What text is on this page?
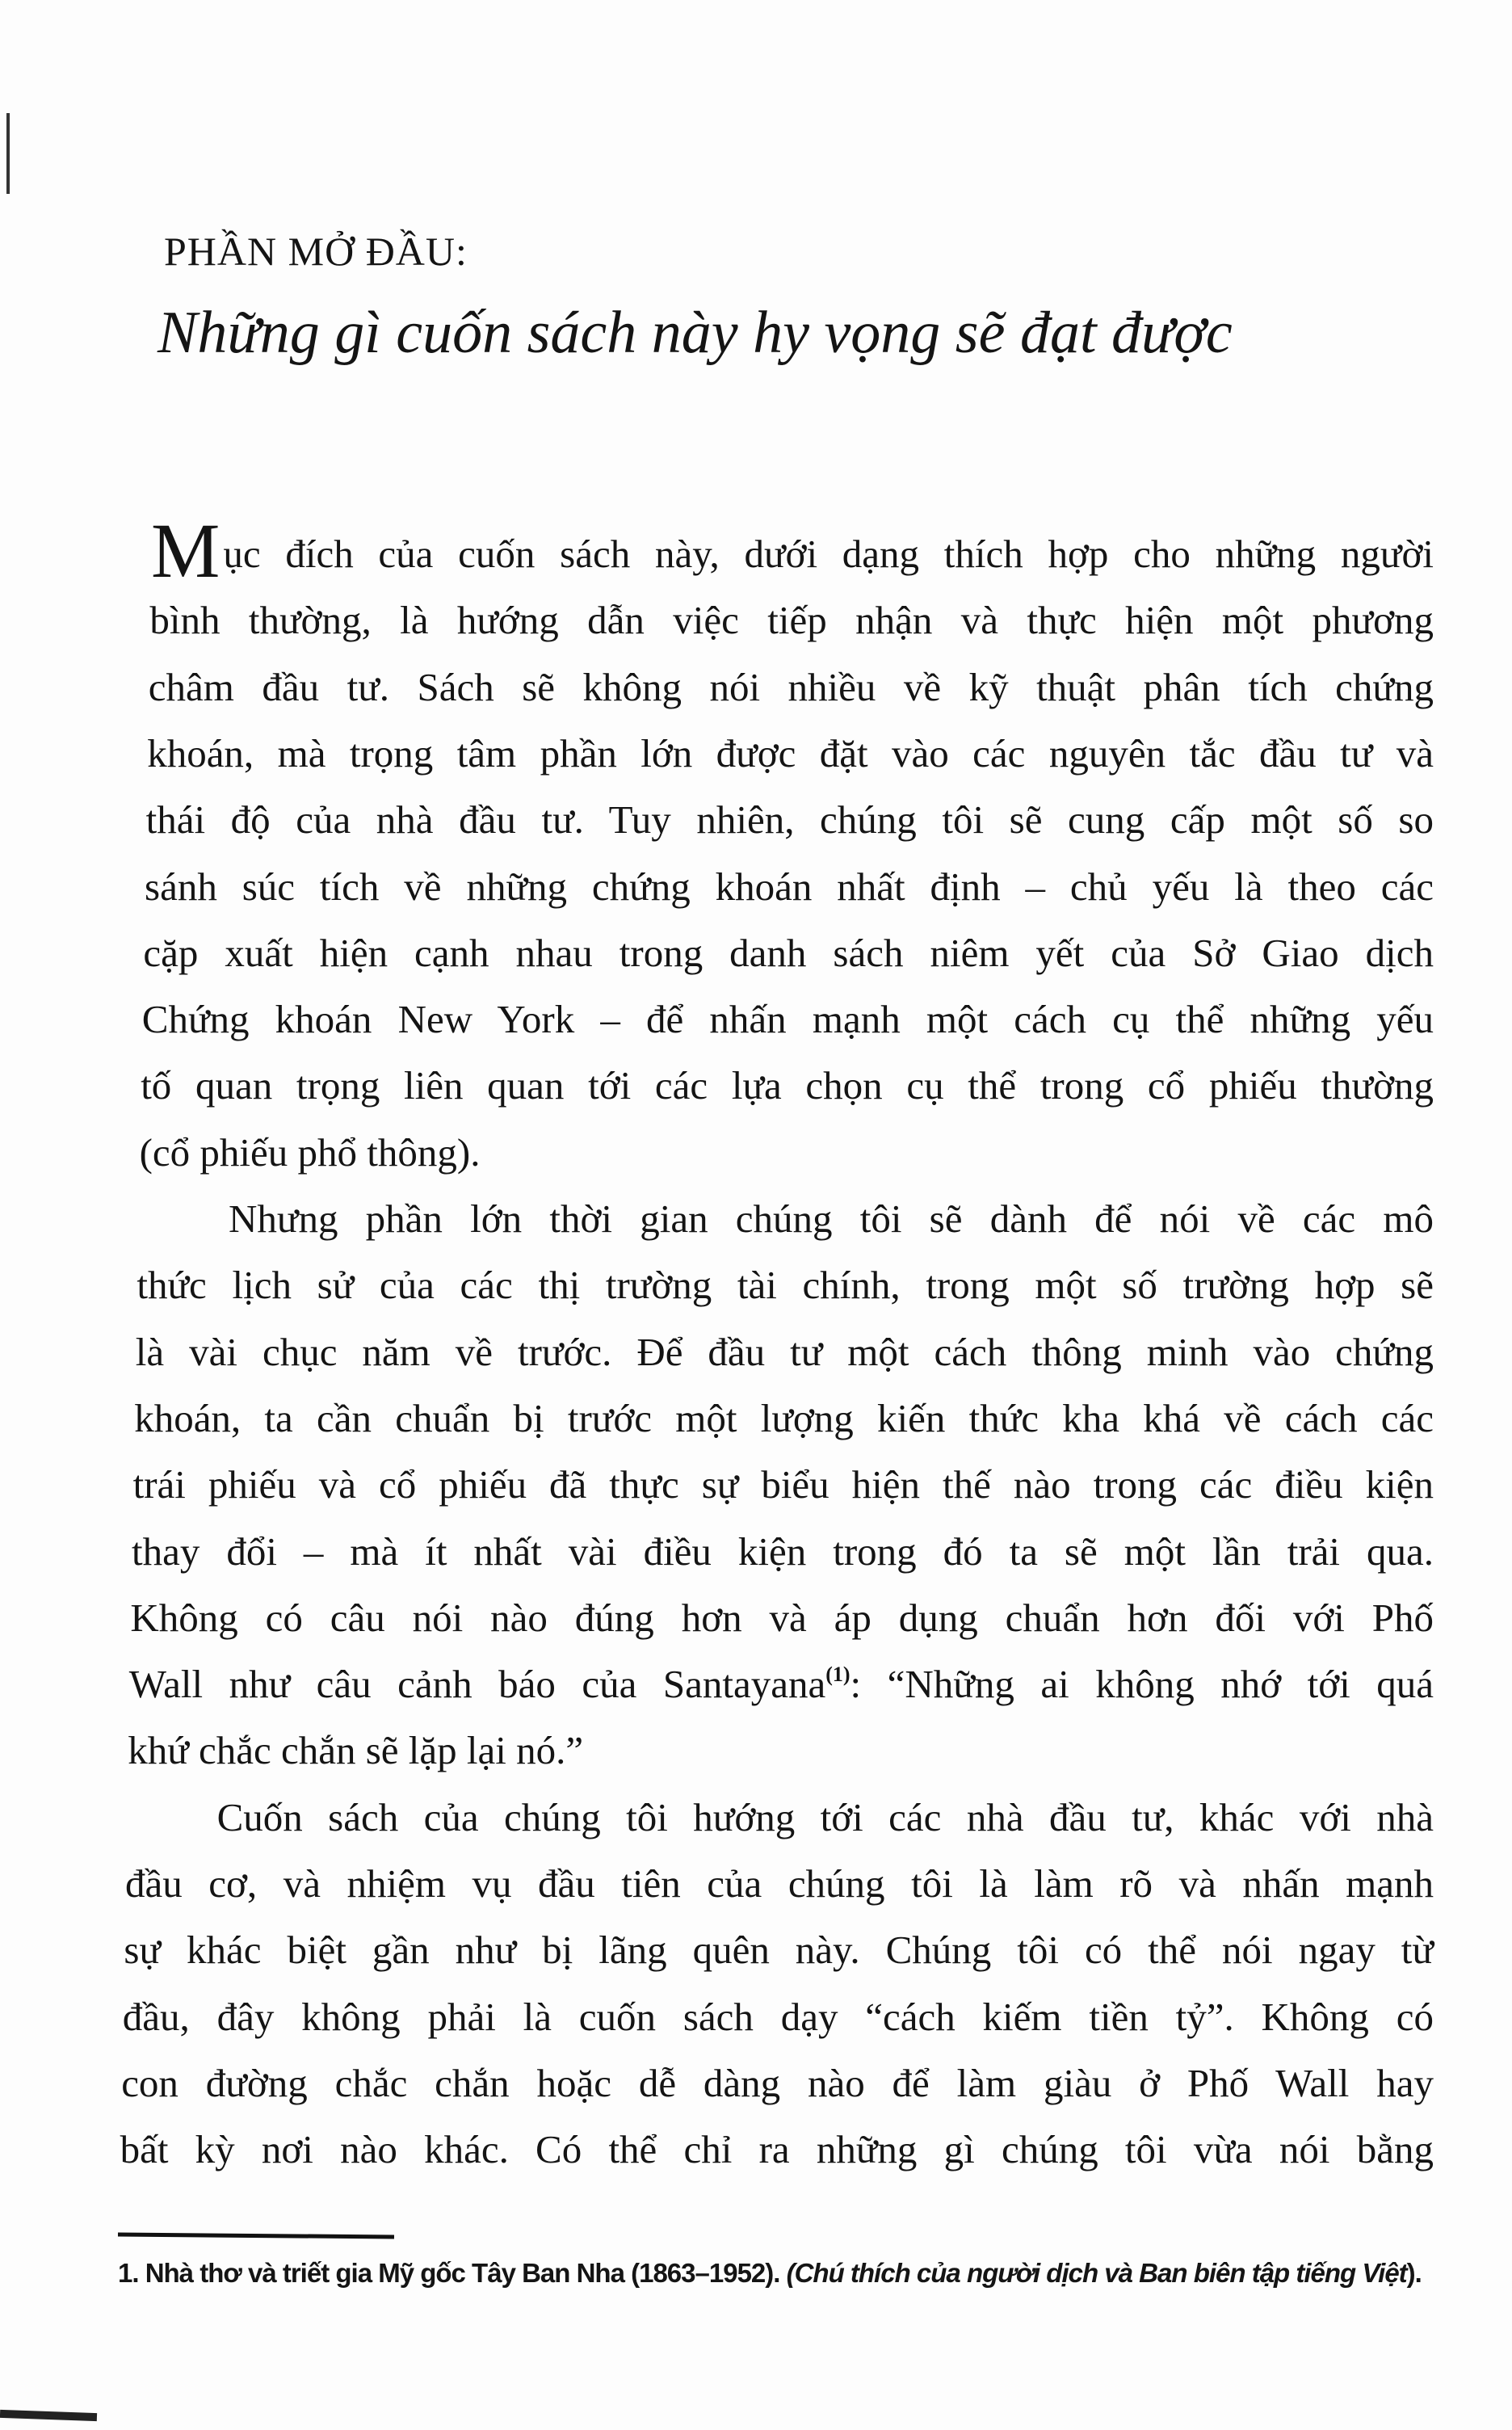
PHẦN MỞ ĐẦU:
Những gì cuốn sách này hy vọng sẽ đạt được
Mục đích của cuốn sách này, dưới dạng thích hợp cho những người
bình thường, là hướng dẫn việc tiếp nhận và thực hiện một phương
châm đầu tư. Sách sẽ không nói nhiều về kỹ thuật phân tích chứng
khoán, mà trọng tâm phần lớn được đặt vào các nguyên tắc đầu tư và
thái độ của nhà đầu tư. Tuy nhiên, chúng tôi sẽ cung cấp một số so
sánh súc tích về những chứng khoán nhất định – chủ yếu là theo các
cặp xuất hiện cạnh nhau trong danh sách niêm yết của Sở Giao dịch
Chứng khoán New York – để nhấn mạnh một cách cụ thể những yếu
tố quan trọng liên quan tới các lựa chọn cụ thể trong cổ phiếu thường
(cổ phiếu phổ thông).
Nhưng phần lớn thời gian chúng tôi sẽ dành để nói về các mô
thức lịch sử của các thị trường tài chính, trong một số trường hợp sẽ
là vài chục năm về trước. Để đầu tư một cách thông minh vào chứng
khoán, ta cần chuẩn bị trước một lượng kiến thức kha khá về cách các
trái phiếu và cổ phiếu đã thực sự biểu hiện thế nào trong các điều kiện
thay đổi – mà ít nhất vài điều kiện trong đó ta sẽ một lần trải qua.
Không có câu nói nào đúng hơn và áp dụng chuẩn hơn đối với Phố
Wall như câu cảnh báo của Santayana$^{(1)}$: “Những ai không nhớ tới quá
khứ chắc chắn sẽ lặp lại nó.”
Cuốn sách của chúng tôi hướng tới các nhà đầu tư, khác với nhà
đầu cơ, và nhiệm vụ đầu tiên của chúng tôi là làm rõ và nhấn mạnh
sự khác biệt gần như bị lãng quên này. Chúng tôi có thể nói ngay từ
đầu, đây không phải là cuốn sách dạy “cách kiếm tiền tỷ”. Không có
con đường chắc chắn hoặc dễ dàng nào để làm giàu ở Phố Wall hay
bất kỳ nơi nào khác. Có thể chỉ ra những gì chúng tôi vừa nói bằng
1. Nhà thơ và triết gia Mỹ gốc Tây Ban Nha (1863–1952). (Chú thích của người dịch và Ban biên tập tiếng Việt).
